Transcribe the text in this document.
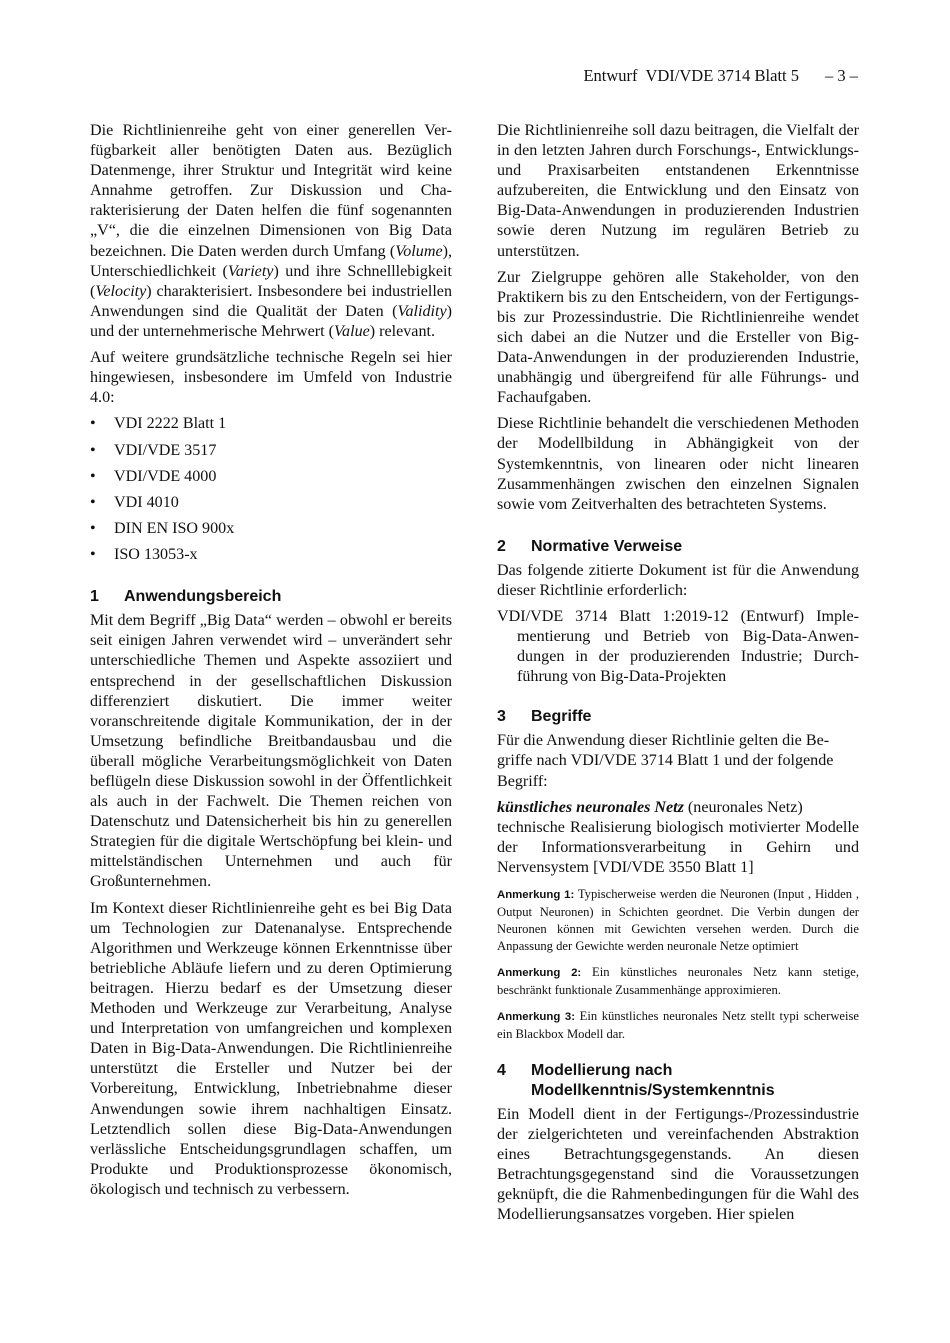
Entwurf  VDI/VDE 3714 Blatt 5 – 3 –

Die Richtlinienreihe geht von einer generellen Verfügbarkeit aller benötigten Daten aus. Bezüglich Datenmenge, ihrer Struktur und Integrität wird keine Annahme getroffen. Zur Diskussion und Charakterisierung der Daten helfen die fünf sogenannten „V“, die die einzelnen Dimensionen von Big Data bezeichnen. Die Daten werden durch Umfang (Volume), Unterschiedlichkeit (Variety) und ihre Schnelllebigkeit (Velocity) charakterisiert. Insbesondere bei industriellen Anwendungen sind die Qualität der Daten (Validity) und der unternehmerische Mehrwert (Value) relevant.

Auf weitere grundsätzliche technische Regeln sei hier hingewiesen, insbesondere im Umfeld von Industrie 4.0:

• VDI 2222 Blatt 1
• VDI/VDE 3517
• VDI/VDE 4000
• VDI 4010
• DIN EN ISO 900x
• ISO 13053-x
1	Anwendungsbereich

Mit dem Begriff „Big Data“ werden – obwohl er bereits seit einigen Jahren verwendet wird – unverändert sehr unterschiedliche Themen und Aspekte assoziiert und entsprechend in der gesellschaftlichen Diskussion differenziert diskutiert. Die immer weiter voranschreitende digitale Kommunikation, der in der Umsetzung befindliche Breitbandausbau und die überall mögliche Verarbeitungsmöglichkeit von Daten beflügeln diese Diskussion sowohl in der Öffentlichkeit als auch in der Fachwelt. Die Themen reichen von Datenschutz und Datensicherheit bis hin zu generellen Strategien für die digitale Wertschöpfung bei klein- und mittelständischen Unternehmen und auch für Großunternehmen.

Im Kontext dieser Richtlinienreihe geht es bei Big Data um Technologien zur Datenanalyse. Entsprechende Algorithmen und Werkzeuge können Erkenntnisse über betriebliche Abläufe liefern und zu deren Optimierung beitragen. Hierzu bedarf es der Umsetzung dieser Methoden und Werkzeuge zur Verarbeitung, Analyse und Interpretation von umfangreichen und komplexen Daten in Big-Data-Anwendungen. Die Richtlinienreihe unterstützt die Ersteller und Nutzer bei der Vorbereitung, Entwicklung, Inbetriebnahme dieser Anwendungen sowie ihrem nachhaltigen Einsatz. Letztendlich sollen diese Big-Data-Anwendungen verlässliche Entscheidungsgrundlagen schaffen, um Produkte und Produktionsprozesse ökonomisch, ökologisch und technisch zu verbessern.

Die Richtlinienreihe soll dazu beitragen, die Vielfalt der in den letzten Jahren durch Forschungs-, Entwicklungs- und Praxisarbeiten entstandenen Erkenntnisse aufzubereiten, die Entwicklung und den Einsatz von Big-Data-Anwendungen in produzierenden Industrien sowie deren Nutzung im regulären Betrieb zu unterstützen.

Zur Zielgruppe gehören alle Stakeholder, von den Praktikern bis zu den Entscheidern, von der Fertigungs- bis zur Prozessindustrie. Die Richtlinienreihe wendet sich dabei an die Nutzer und die Ersteller von Big-Data-Anwendungen in der produzierenden Industrie, unabhängig und übergreifend für alle Führungs- und Fachaufgaben.

Diese Richtlinie behandelt die verschiedenen Methoden der Modellbildung in Abhängigkeit von der Systemkenntnis, von linearen oder nicht linearen Zusammenhängen zwischen den einzelnen Signalen sowie vom Zeitverhalten des betrachteten Systems.

2	Normative Verweise

Das folgende zitierte Dokument ist für die Anwendung dieser Richtlinie erforderlich:

VDI/VDE 3714 Blatt 1:2019-12 (Entwurf) Implementierung und Betrieb von Big-Data-Anwendungen in der produzierenden Industrie; Durchführung von Big-Data-Projekten

3	Begriffe

Für die Anwendung dieser Richtlinie gelten die Begriffe nach VDI/VDE 3714 Blatt 1 und der folgende Begriff:

künstliches neuronales Netz (neuronales Netz)

technische Realisierung biologisch motivierter Modelle der Informationsverarbeitung in Gehirn und Nervensystem [VDI/VDE 3550 Blatt 1]

Anmerkung 1: Typischerweise werden die Neuronen (Input , Hidden , Output Neuronen) in Schichten geordnet. Die Verbin dungen der Neuronen können mit Gewichten versehen werden. Durch die Anpassung der Gewichte werden neuronale Netze optimiert

Anmerkung 2: Ein künstliches neuronales Netz kann stetige, beschränkt funktionale Zusammenhänge approximieren.

Anmerkung 3: Ein künstliches neuronales Netz stellt typi scherweise ein Blackbox Modell dar.

4	Modellierung nach Modellkenntnis/Systemkenntnis

Ein Modell dient in der Fertigungs-/Prozessindustrie der zielgerichteten und vereinfachenden Abstraktion eines Betrachtungsgegenstands. An diesen Betrachtungsgegenstand sind die Voraussetzungen geknüpft, die die Rahmenbedingungen für die Wahl des Modellierungsansatzes vorgeben. Hier spielen
